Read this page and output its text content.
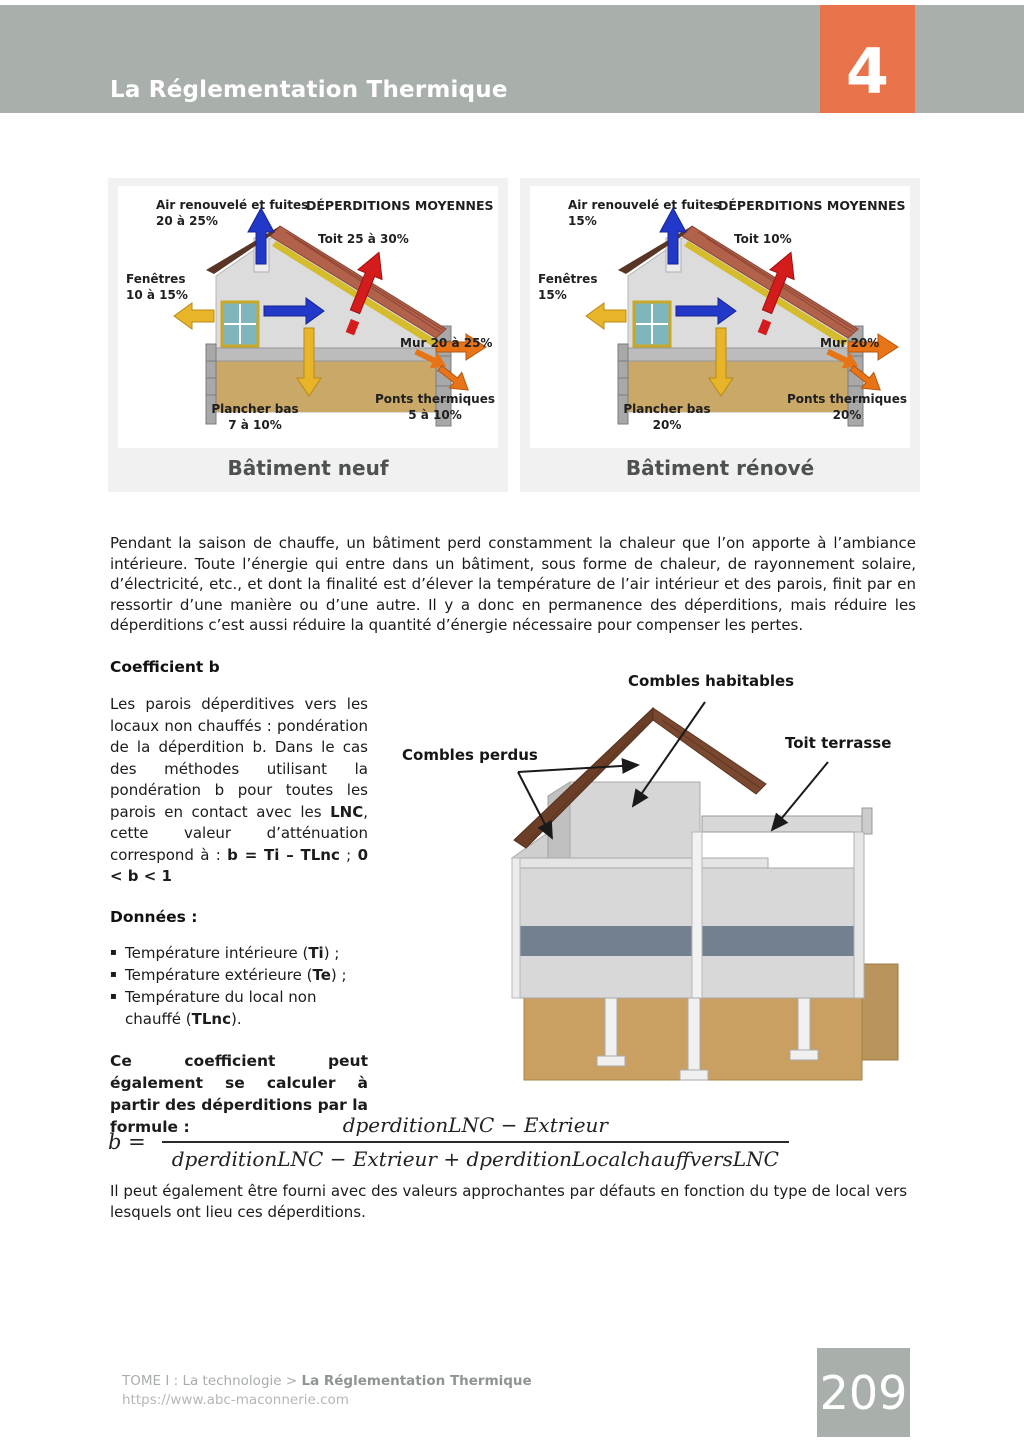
La Réglementation Thermique	4
Air renouvelé et fuites
20 à 25%
DÉPERDITIONS MOYENNES
Toit 25 à 30%
Fenêtres
10 à 15%
Mur 20 à 25%
Plancher bas
7 à 10%
Ponts thermiques
5 à 10%
Bâtiment neuf
Air renouvelé et fuites
15%
DÉPERDITIONS MOYENNES
Toit 10%
Fenêtres
15%
Mur 20%
Plancher bas
20%
Ponts thermiques
20%
Bâtiment rénové

Pendant la saison de chauffe, un bâtiment perd constamment la chaleur que l’on apporte à l’ambiance intérieure. Toute l’énergie qui entre dans un bâtiment, sous forme de chaleur, de rayonnement solaire, d’électricité, etc., et dont la finalité est d’élever la température de l’air intérieur et des parois, finit par en ressortir d’une manière ou d’une autre. Il y a donc en permanence des déperditions, mais réduire les déperditions c’est aussi réduire la quantité d’énergie nécessaire pour compenser les pertes.

Coefficient b

Les parois déperditives vers les locaux non chauffés : pondération de la déperdition b. Dans le cas des méthodes utilisant la pondération b pour toutes les parois en contact avec les LNC, cette valeur d’atténuation correspond à : b = Ti – TLnc ; 0 < b < 1

Données :
▪ Température intérieure (Ti) ;
▪ Température extérieure (Te) ;
▪ Température du local non chauffé (TLnc).

Ce coefficient peut également se calculer à partir des déperditions par la formule :

Combles habitables
Combles perdus
Toit terrasse
$b = \frac{\text{dperditionLNC − Extrieur}}{\text{dperditionLNC − Extrieur + dperditionLocalchauffversLNC}}$

Il peut également être fourni avec des valeurs approchantes par défauts en fonction du type de local vers lesquels ont lieu ces déperditions.

TOME I : La technologie > La Réglementation Thermique
https://www.abc-maconnerie.com	209
